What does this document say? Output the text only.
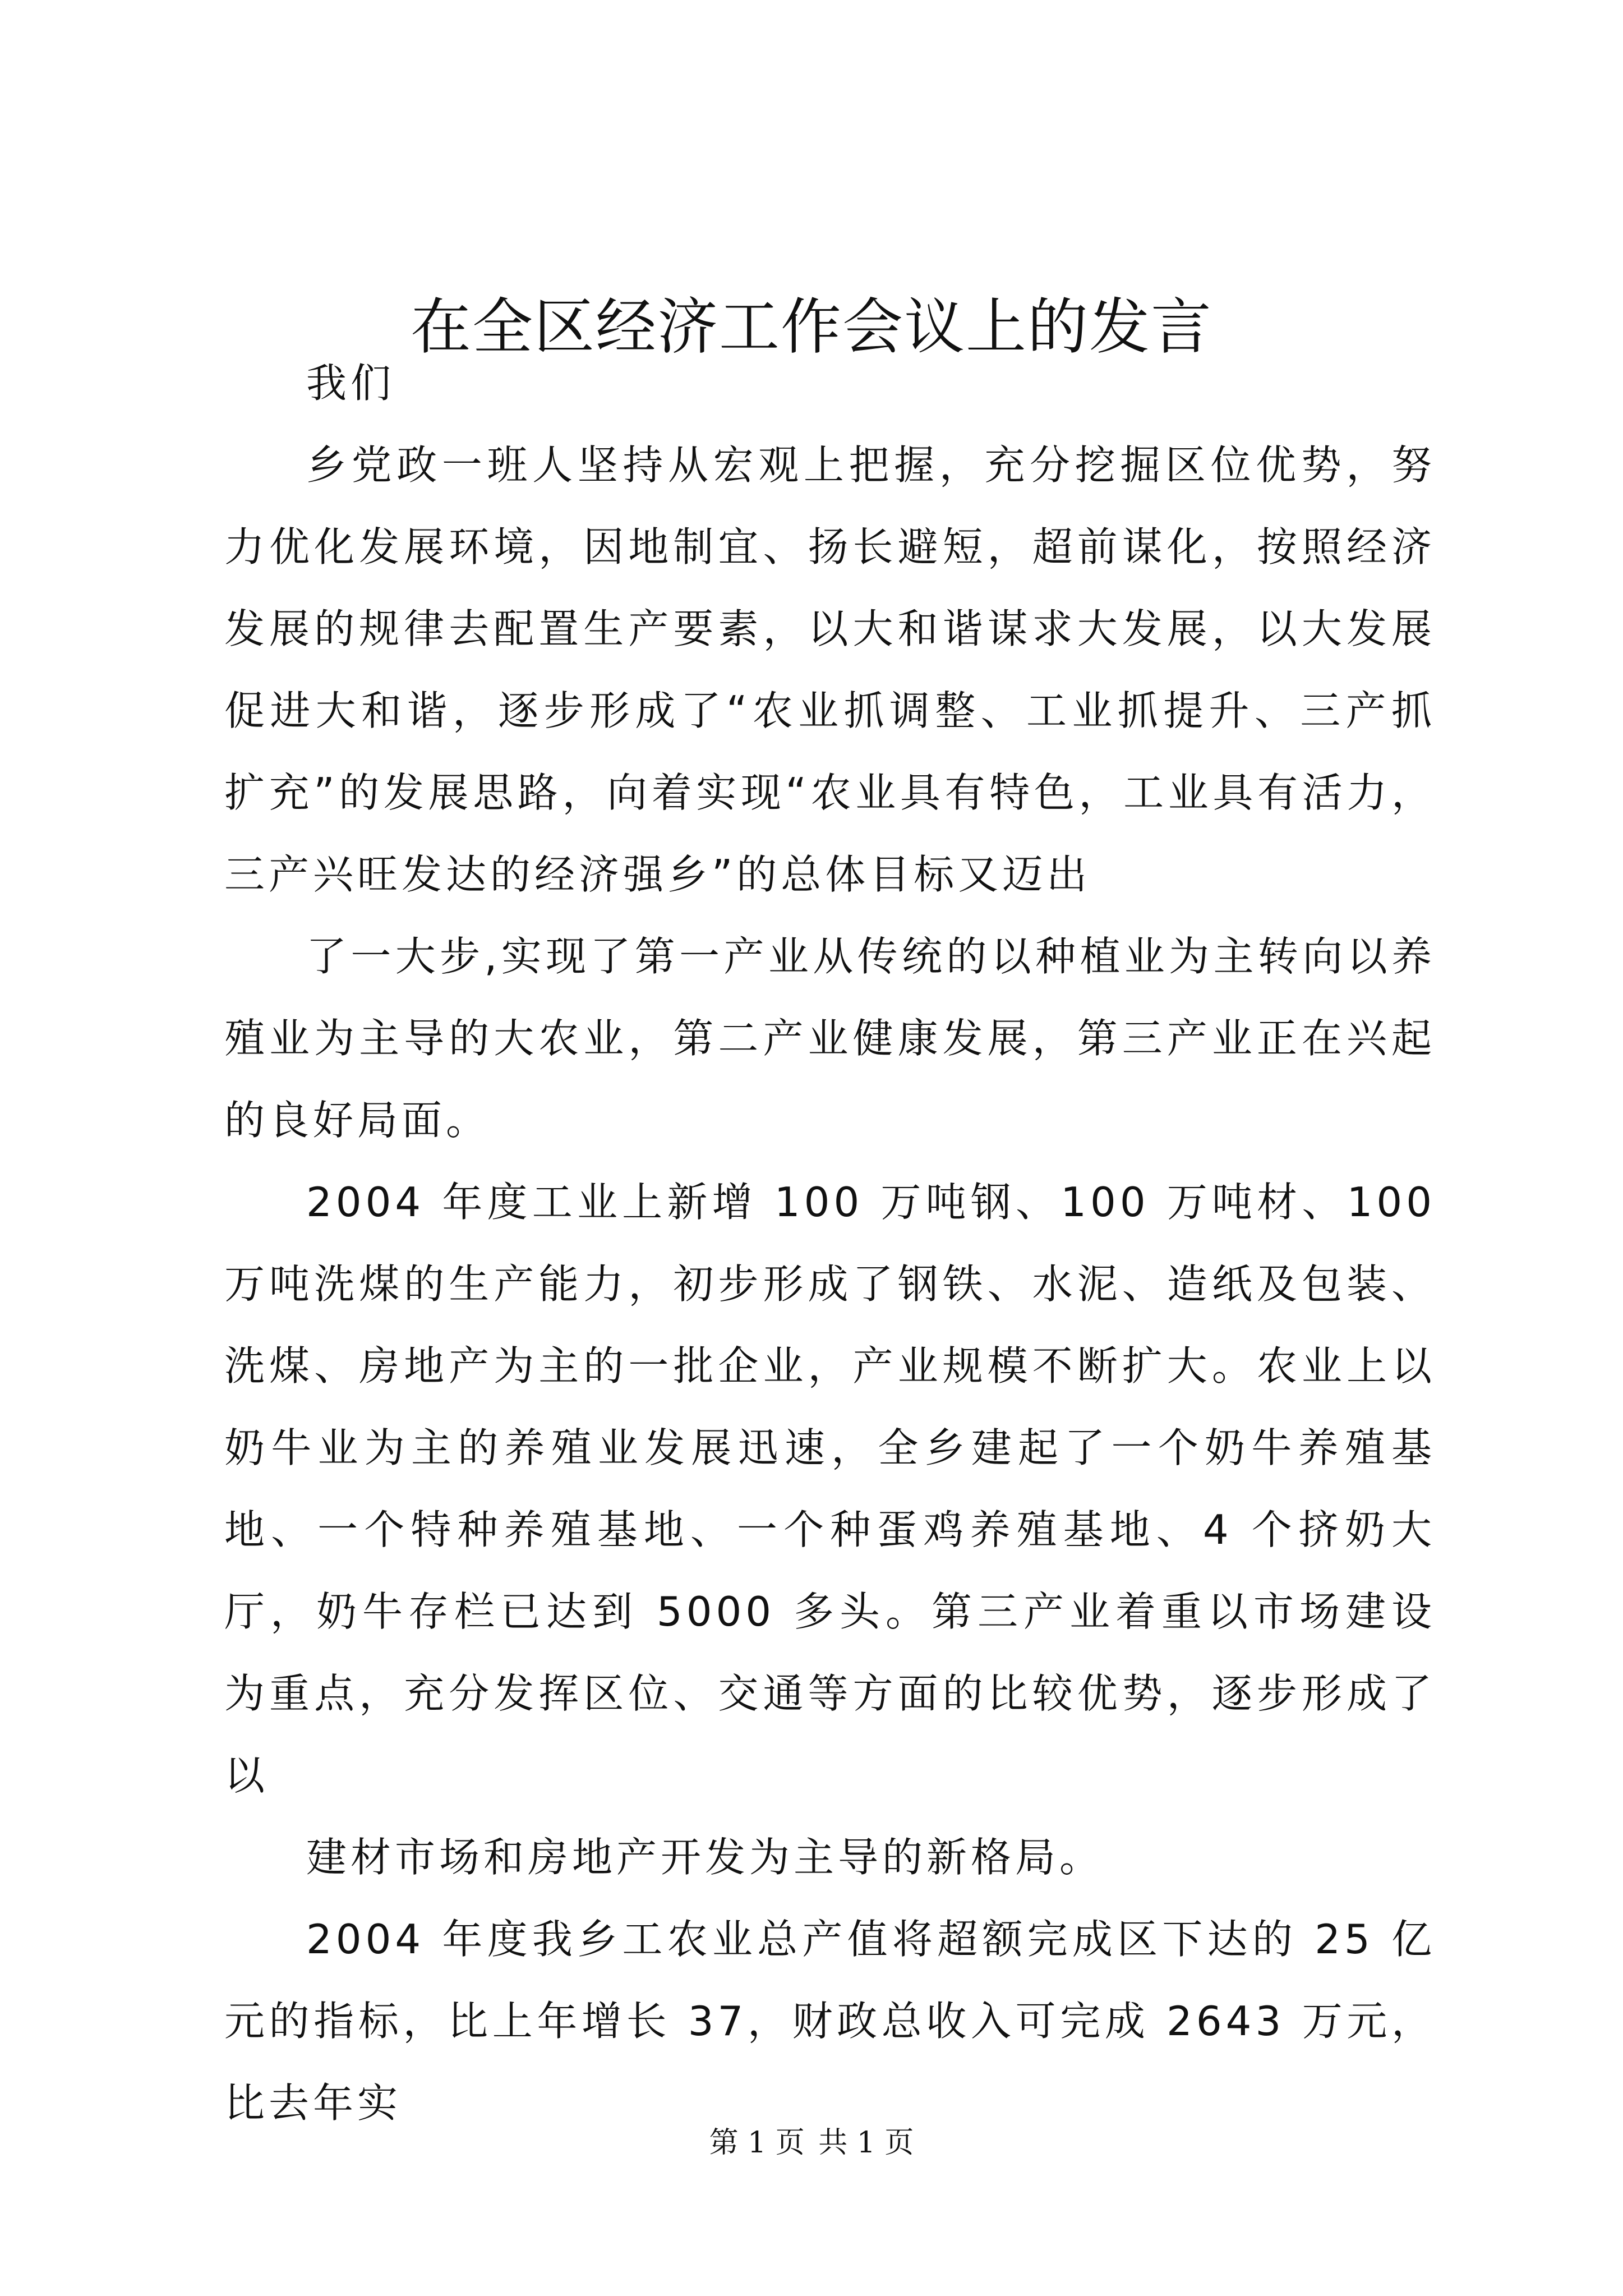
在全区经济工作会议上的发言

我们

乡党政一班人坚持从宏观上把握，充分挖掘区位优势，努力优化发展环境，因地制宜、扬长避短，超前谋化，按照经济发展的规律去配置生产要素，以大和谐谋求大发展，以大发展促进大和谐，逐步形成了“农业抓调整、工业抓提升、三产抓扩充”的发展思路，向着实现“农业具有特色，工业具有活力，三产兴旺发达的经济强乡”的总体目标又迈出

了一大步,实现了第一产业从传统的以种植业为主转向以养殖业为主导的大农业，第二产业健康发展，第三产业正在兴起的良好局面。

2004 年度工业上新增 100 万吨钢、100 万吨材、100 万吨洗煤的生产能力，初步形成了钢铁、水泥、造纸及包装、洗煤、房地产为主的一批企业，产业规模不断扩大。农业上以奶牛业为主的养殖业发展迅速，全乡建起了一个奶牛养殖基地、一个特种养殖基地、一个种蛋鸡养殖基地、4 个挤奶大厅，奶牛存栏已达到 5000 多头。第三产业着重以市场建设为重点，充分发挥区位、交通等方面的比较优势，逐步形成了以

建材市场和房地产开发为主导的新格局。

2004 年度我乡工农业总产值将超额完成区下达的 25 亿元的指标，比上年增长 37，财政总收入可完成 2643 万元，比去年实

第 1 页 共 1 页
